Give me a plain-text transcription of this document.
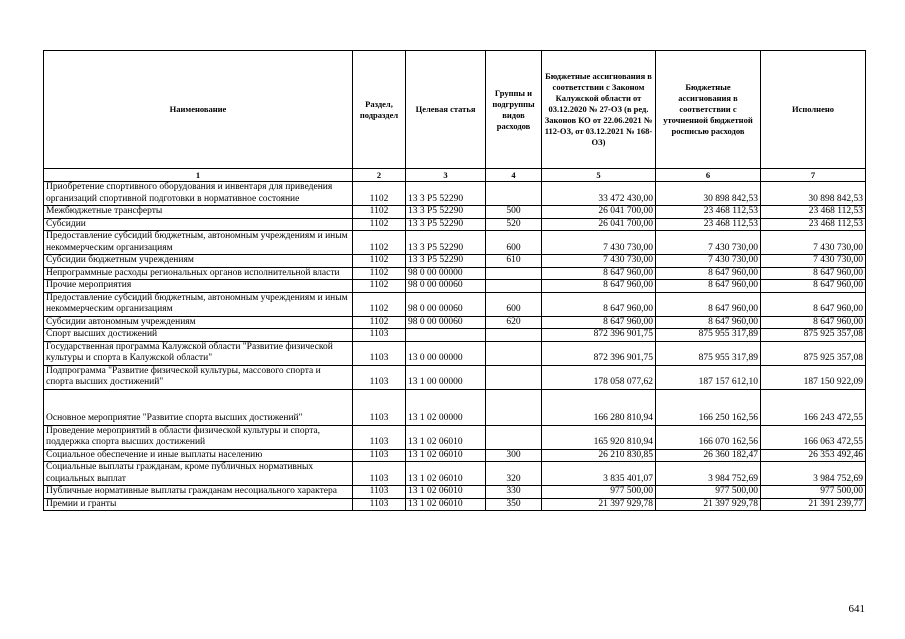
Наименование	Раздел, подраздел	Целевая статья	Группы и подгруппы видов расходов	Бюджетные ассигнования в соответствии с Законом Калужской области от 03.12.2020 № 27-ОЗ (в ред. Законов КО от 22.06.2021 № 112-ОЗ, от 03.12.2021 № 168-ОЗ)	Бюджетные ассигнования в соответствии с уточненной бюджетной росписью расходов	Исполнено
1	2	3	4	5	6	7
Приобретение спортивного оборудования и инвентаря для приведения организаций спортивной подготовки в нормативное состояние	1102	13 3 P5 52290		33 472 430,00	30 898 842,53	30 898 842,53
Межбюджетные трансферты	1102	13 3 P5 52290	500	26 041 700,00	23 468 112,53	23 468 112,53
Субсидии	1102	13 3 P5 52290	520	26 041 700,00	23 468 112,53	23 468 112,53
Предоставление субсидий бюджетным, автономным учреждениям и иным некоммерческим организациям	1102	13 3 P5 52290	600	7 430 730,00	7 430 730,00	7 430 730,00
Субсидии бюджетным учреждениям	1102	13 3 P5 52290	610	7 430 730,00	7 430 730,00	7 430 730,00
Непрограммные расходы региональных органов исполнительной власти	1102	98 0 00 00000		8 647 960,00	8 647 960,00	8 647 960,00
Прочие мероприятия	1102	98 0 00 00060		8 647 960,00	8 647 960,00	8 647 960,00
Предоставление субсидий бюджетным, автономным учреждениям и иным некоммерческим организациям	1102	98 0 00 00060	600	8 647 960,00	8 647 960,00	8 647 960,00
Субсидии автономным учреждениям	1102	98 0 00 00060	620	8 647 960,00	8 647 960,00	8 647 960,00
Спорт высших достижений	1103			872 396 901,75	875 955 317,89	875 925 357,08
Государственная программа Калужской области "Развитие физической культуры и спорта в Калужской области"	1103	13 0 00 00000		872 396 901,75	875 955 317,89	875 925 357,08
Подпрограмма "Развитие физической культуры, массового спорта и спорта высших достижений"	1103	13 1 00 00000		178 058 077,62	187 157 612,10	187 150 922,09
Основное мероприятие "Развитие спорта высших достижений"	1103	13 1 02 00000		166 280 810,94	166 250 162,56	166 243 472,55
Проведение мероприятий в области физической культуры и спорта, поддержка спорта высших достижений	1103	13 1 02 06010		165 920 810,94	166 070 162,56	166 063 472,55
Социальное обеспечение и иные выплаты населению	1103	13 1 02 06010	300	26 210 830,85	26 360 182,47	26 353 492,46
Социальные выплаты гражданам, кроме публичных нормативных социальных выплат	1103	13 1 02 06010	320	3 835 401,07	3 984 752,69	3 984 752,69
Публичные нормативные выплаты гражданам несоциального характера	1103	13 1 02 06010	330	977 500,00	977 500,00	977 500,00
Премии и гранты	1103	13 1 02 06010	350	21 397 929,78	21 397 929,78	21 391 239,77
641
